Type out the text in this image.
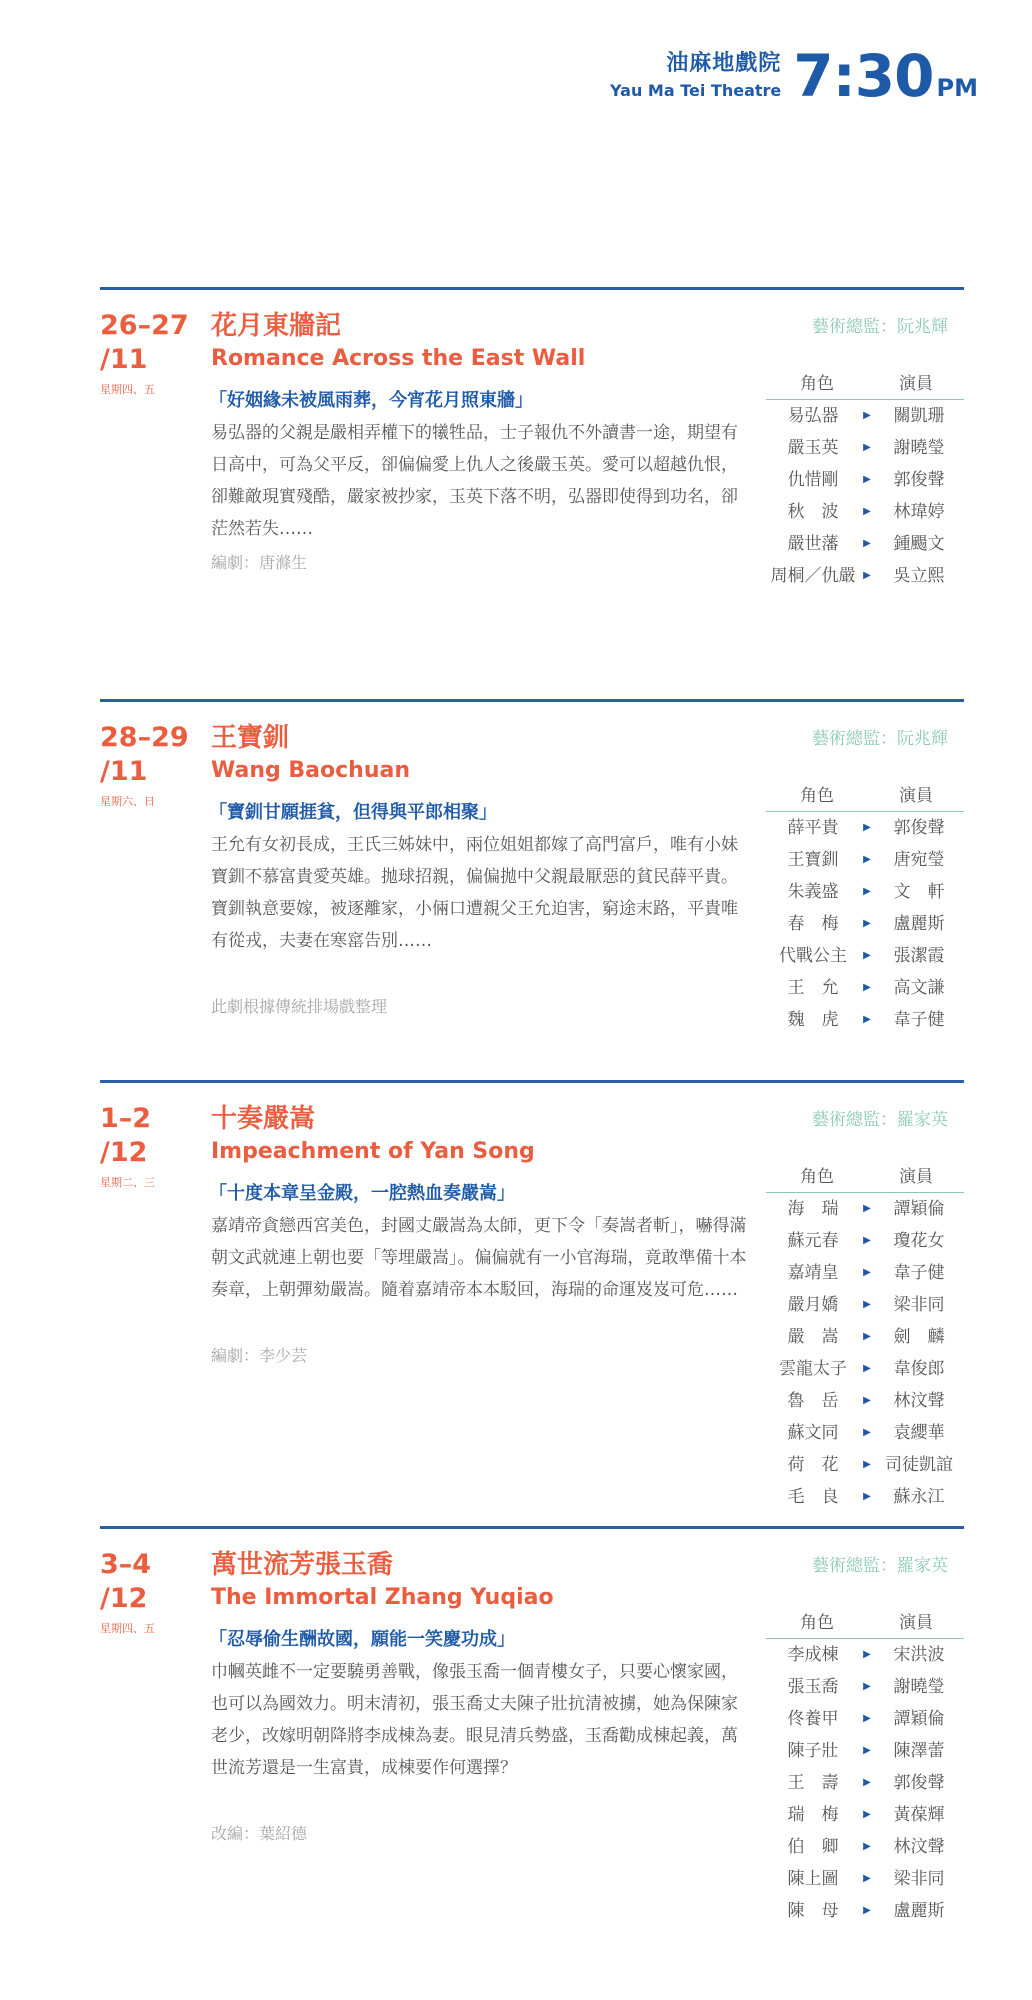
油麻地戲院
Yau Ma Tei Theatre 7:30 PM
26–27
/11
星期四、五
花月東牆記
Romance Across the East Wall
「好姻緣未被風雨葬，今宵花月照東牆」

易弘器的父親是嚴相弄權下的犧牲品，士子報仇不外讀書一途，期望有日高中，可為父平反，卻偏偏愛上仇人之後嚴玉英。愛可以超越仇恨，卻難敵現實殘酷，嚴家被抄家，玉英下落不明，弘器即使得到功名，卻茫然若失……

編劇：唐滌生
藝術總監：阮兆輝
角色	演員
易弘器	▶	關凱珊
嚴玉英	▶	謝曉瑩
仇惜剛	▶	郭俊聲
秋　波	▶	林瑋婷
嚴世藩	▶	鍾颺文
周桐／仇嚴 ▶	吳立熙
28–29
/11
星期六、日
王寶釧
Wang Baochuan
「寶釧甘願捱貧，但得與平郎相聚」

王允有女初長成，王氏三姊妹中，兩位姐姐都嫁了高門富戶，唯有小妹寶釧不慕富貴愛英雄。拋球招親，偏偏拋中父親最厭惡的貧民薛平貴。寶釧執意要嫁，被逐離家，小倆口遭親父王允迫害，窮途末路，平貴唯有從戎，夫妻在寒窰告別……

此劇根據傳統排場戲整理
藝術總監：阮兆輝
角色	演員
薛平貴	▶	郭俊聲
王寶釧	▶	唐宛瑩
朱義盛	▶	文　軒
春　梅	▶	盧麗斯
代戰公主	▶	張潔霞
王　允	▶	高文謙
魏　虎	▶	韋子健
1–2
/12
星期二、三
十奏嚴嵩
Impeachment of Yan Song
「十度本章呈金殿，一腔熱血奏嚴嵩」

嘉靖帝貪戀西宮美色，封國丈嚴嵩為太師，更下令「奏嵩者斬」，嚇得滿朝文武就連上朝也要「等埋嚴嵩」。偏偏就有一小官海瑞，竟敢準備十本奏章，上朝彈劾嚴嵩。隨着嘉靖帝本本駁回，海瑞的命運岌岌可危……

編劇：李少芸
藝術總監：羅家英
角色	演員
海　瑞	▶	譚穎倫
蘇元春	▶	瓊花女
嘉靖皇	▶	韋子健
嚴月嬌	▶	梁非同
嚴　嵩	▶	劍　麟
雲龍太子	▶	韋俊郎
魯　岳	▶	林汶聲
蘇文同	▶	袁纓華
荷　花	▶ 司徒凱誼
毛　良	▶	蘇永江
3–4
/12
星期四、五
萬世流芳張玉喬
The Immortal Zhang Yuqiao
「忍辱偷生酬故國，願能一笑慶功成」

巾幗英雌不一定要驍勇善戰，像張玉喬一個青樓女子，只要心懷家國，也可以為國效力。明末清初，張玉喬丈夫陳子壯抗清被擄，她為保陳家老少，改嫁明朝降將李成棟為妻。眼見清兵勢盛，玉喬勸成棟起義，萬世流芳還是一生富貴，成棟要作何選擇？

改編：葉紹德
藝術總監：羅家英
角色	演員
李成棟	▶	宋洪波
張玉喬	▶	謝曉瑩
佟養甲	▶	譚穎倫
陳子壯	▶	陳澤蕾
王　壽	▶	郭俊聲
瑞　梅	▶	黃葆輝
伯　卿	▶	林汶聲
陳上圖	▶	梁非同
陳　母	▶	盧麗斯
